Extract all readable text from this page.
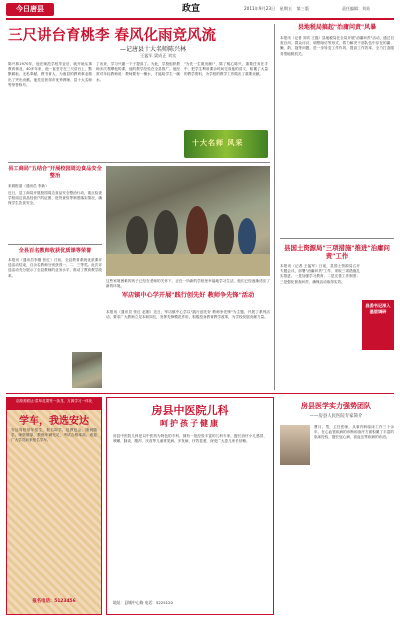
今日唐县	政宣	2011年9月23日 星期五 第三版	责任编辑：刘英
三尺讲台育桃李 春风化雨竞风流
—记唐县十大名师陈兴林
王猛军 梁成正 刘宾
陈兴林1970年，他在师范学校毕业后，就开始从事教育事业，40多年来，他一直坚守在三尺讲台上，默默耕耘，无私奉献，教书育人，为唐县的教育事业做出了突出贡献。他先后获得市优秀教师、县十大名师等荣誉称号。
了出来，学习兴趣一下子提高了。为此，学校组织教师多次观摩他的课，他的教学经验在全县推广。他经常对年轻教师说：教师要有一桶水，才能给学生一碗水。
"为先一生做贡献!"，陈了桃心陈兴，重要任务在手中，把学生利用课余时间完成他的讲义，积累了大量的教学资料，为学校的教学工作做出了重要贡献。
十大名师 风采
县工商局"五结合"开展校园周边食品安全整治
来源报道（通讯员 李新）
近日，县工商局开展校园周边食品安全整治行动，重点检查学校周边食品经营户的证照、进货查验等制度落实情况，确保学生饮食安全。
全县百名教师收获优质课等荣誉
本报讯（通讯员李刚 张红）日前，全县教育系统优质课评选活动结束，百余名教师分别获得一、二、三等奖。此次评选活动充分展示了全县教师的业务水平，推动了教育教学改革。
这些家境困难的孩子已经在老师的关怀下，正在一所新的学校里幸福地学习生活，他们已经逐渐适应了新的环境。
军店镇中心学开展"践行创先好 教师争先锋"活动
本报讯（通讯员 张红 赵刚）近日，军店镇中心学以"践行创先好 教师争先锋"为主题，开展了系列活动，要求广大教师立足本职岗位，发挥先锋模范作用，积极投身教育教学改革，为学校发展贡献力量。
县地税局搞起"治庸问责"风暴
本报讯（记者 刘宾 王磊）县地税局在全局开展"治庸问责"活动，通过自查自纠、群众评议、明察暗访等形式，着力解决干部队伍中存在的庸、懒、散、拖等问题，进一步转变工作作风，提高工作效率，全力打造服务型地税机关。
县国土资源局"三项措施"推进"治庸问责"工作
本报讯（记者 王猛军）日前，县国土资源局召开专题会议，部署"治庸问责"工作，采取三项措施扎实推进。一是加强学习教育；二是完善工作制度；三是强化督查问责，确保活动取得实效。
县委书记深入基层调研
京源美联达·菜草花果等一条龙、万源学习一体化
学车，我选安达
安达驾校常年招生，报名即学，包教包会，随到随学。师资雄厚，教练车辆充足，考试合格率高。欢迎广大学员前来报名学车。
报名电话：5123456
房县中医院儿科
呵护孩子健康
房县中医院儿科是以中医药为特色的专科，拥有一批经验丰富的儿科专家，擅长治疗小儿感冒、咳嗽、肺炎、腹泻、厌食等儿童常见病、多发病，疗效显著，深受广大患儿家长信赖。
地址：县城中心路 电话：5225120
房县医学实力强势团队
——房县人民医院专家简介
曹月，男，主任医师，从事内科临床工作三十余年，在心血管疾病的诊断和治疗方面积累了丰富的临床经验，擅长冠心病、高血压等疾病的诊治。
